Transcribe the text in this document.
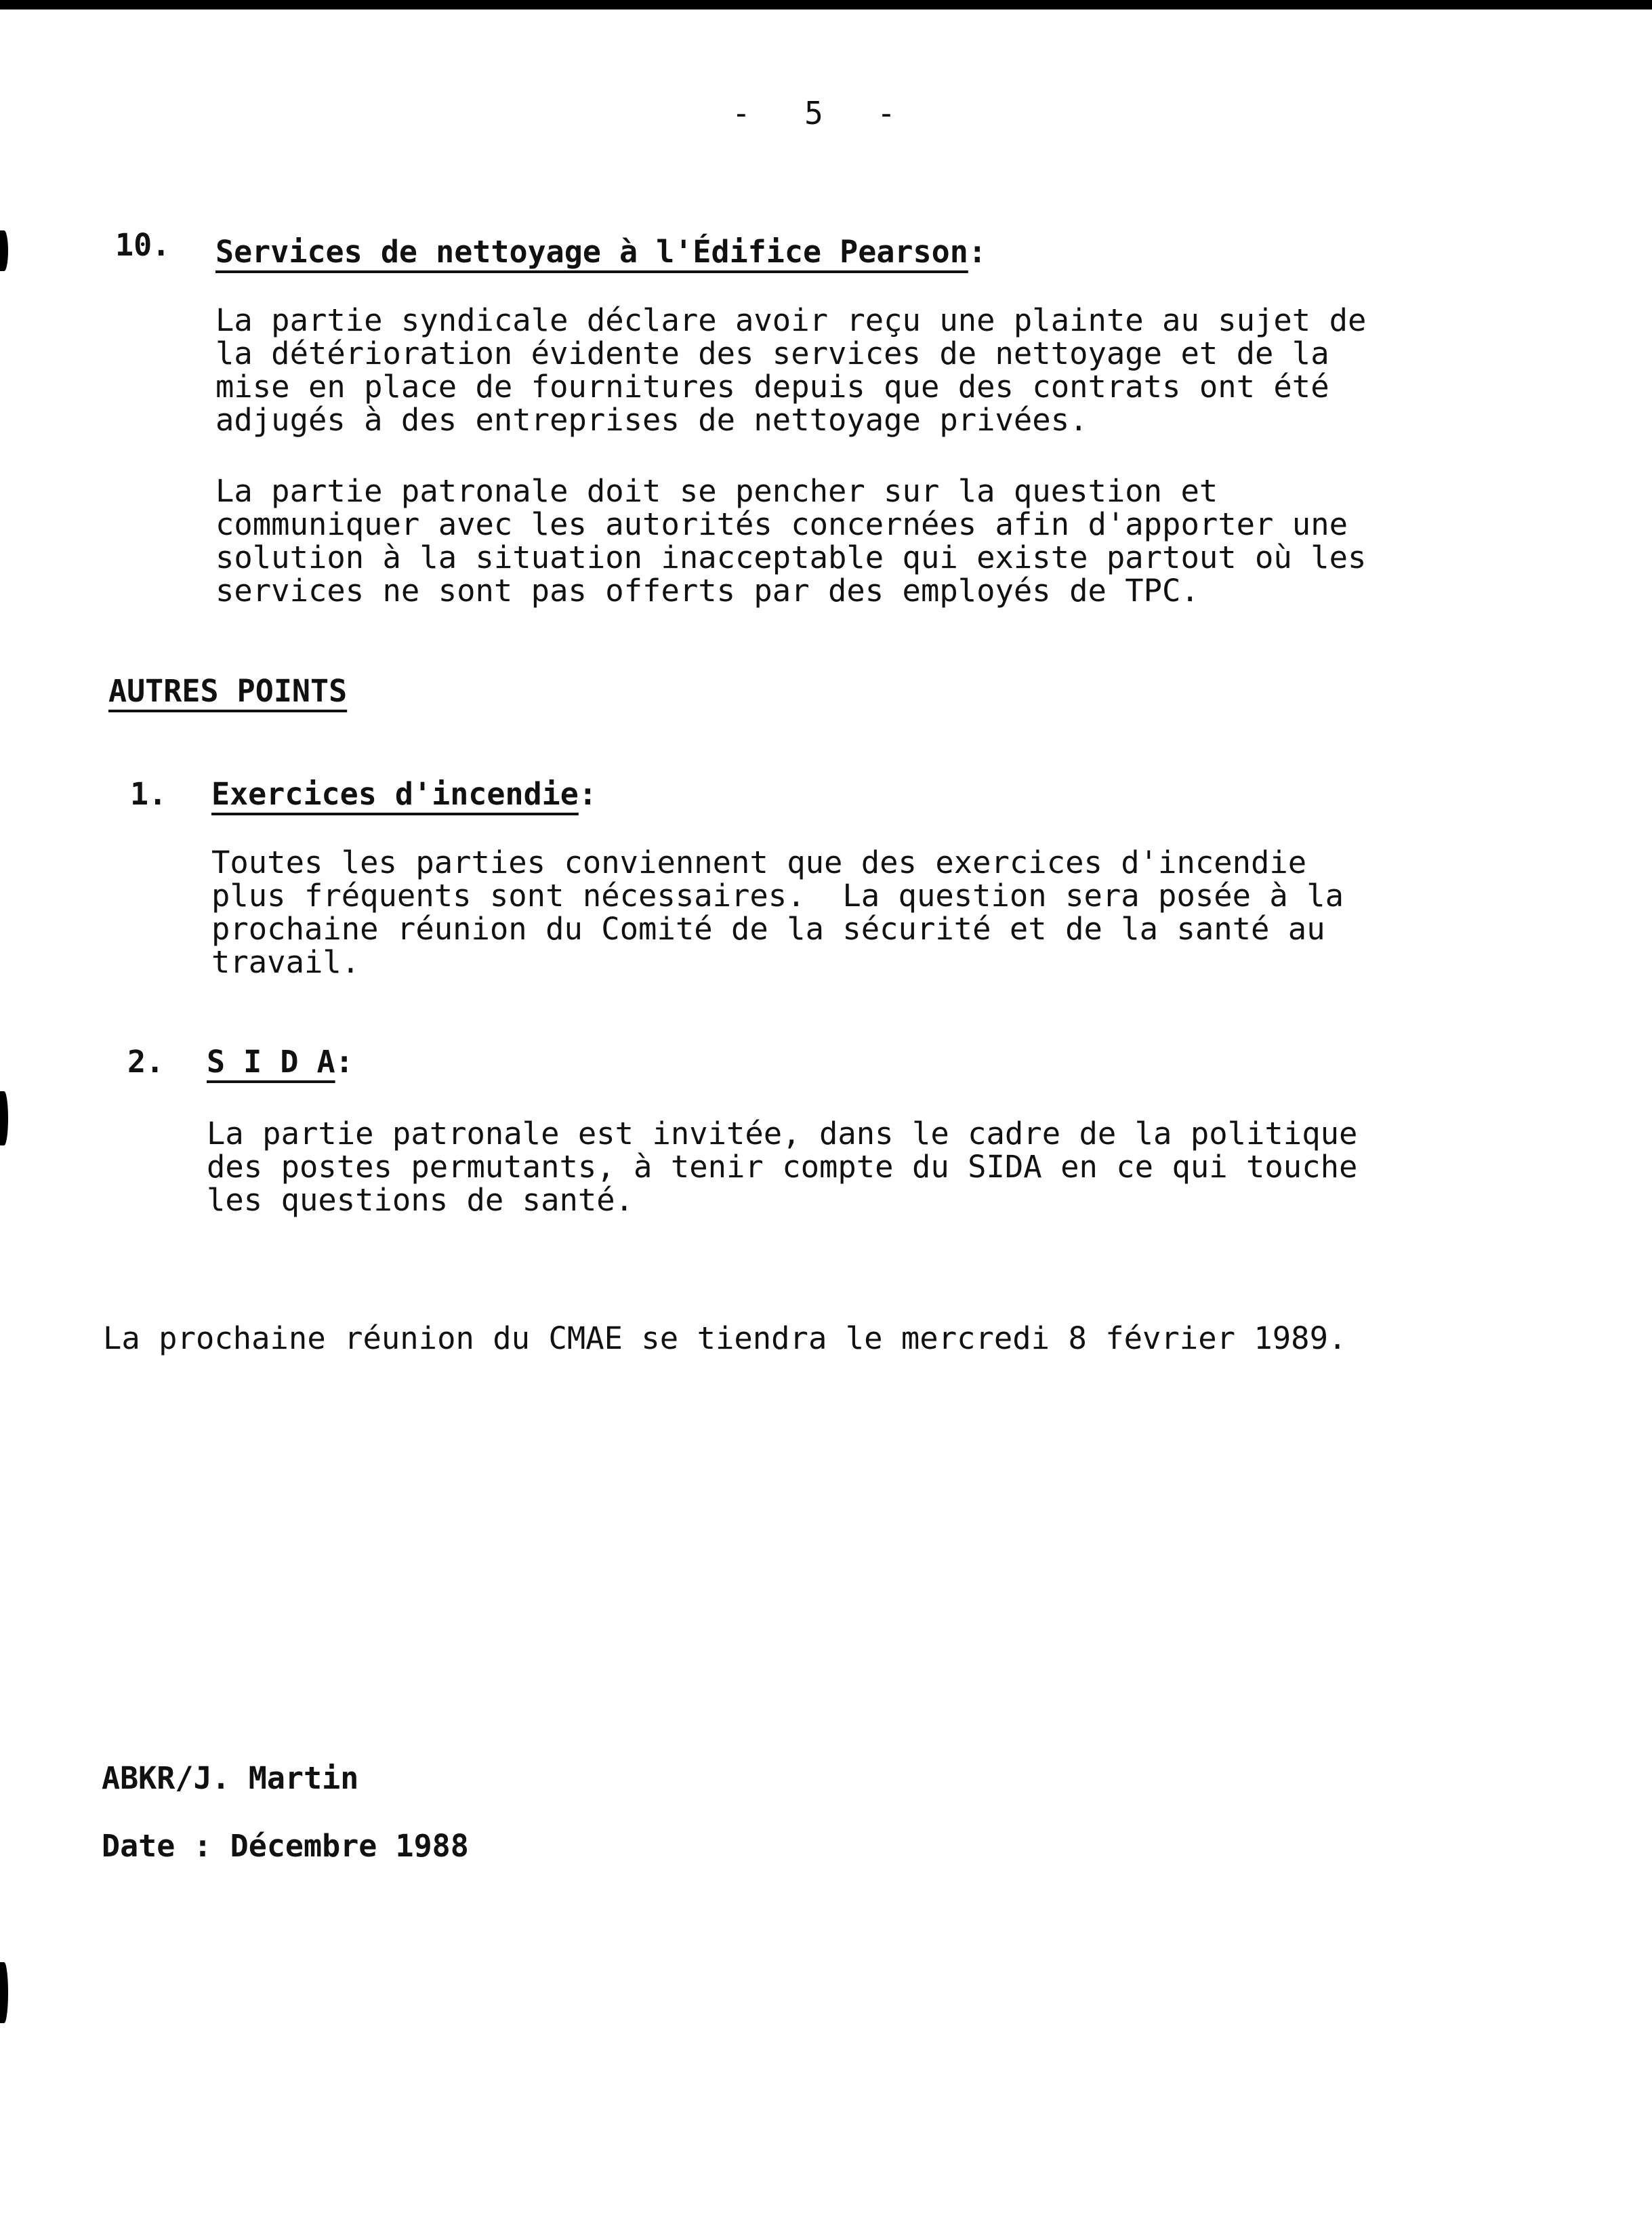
-  5  -
10. Services de nettoyage à l'Édifice Pearson:
La partie syndicale déclare avoir reçu une plainte au sujet de
la détérioration évidente des services de nettoyage et de la
mise en place de fournitures depuis que des contrats ont été
adjugés à des entreprises de nettoyage privées.
La partie patronale doit se pencher sur la question et
communiquer avec les autorités concernées afin d'apporter une
solution à la situation inacceptable qui existe partout où les
services ne sont pas offerts par des employés de TPC.
AUTRES POINTS
1. Exercices d'incendie:
Toutes les parties conviennent que des exercices d'incendie
plus fréquents sont nécessaires.  La question sera posée à la
prochaine réunion du Comité de la sécurité et de la santé au
travail.
2. S I D A:
La partie patronale est invitée, dans le cadre de la politique
des postes permutants, à tenir compte du SIDA en ce qui touche
les questions de santé.
La prochaine réunion du CMAE se tiendra le mercredi 8 février 1989.
ABKR/J. Martin
Date : Décembre 1988
